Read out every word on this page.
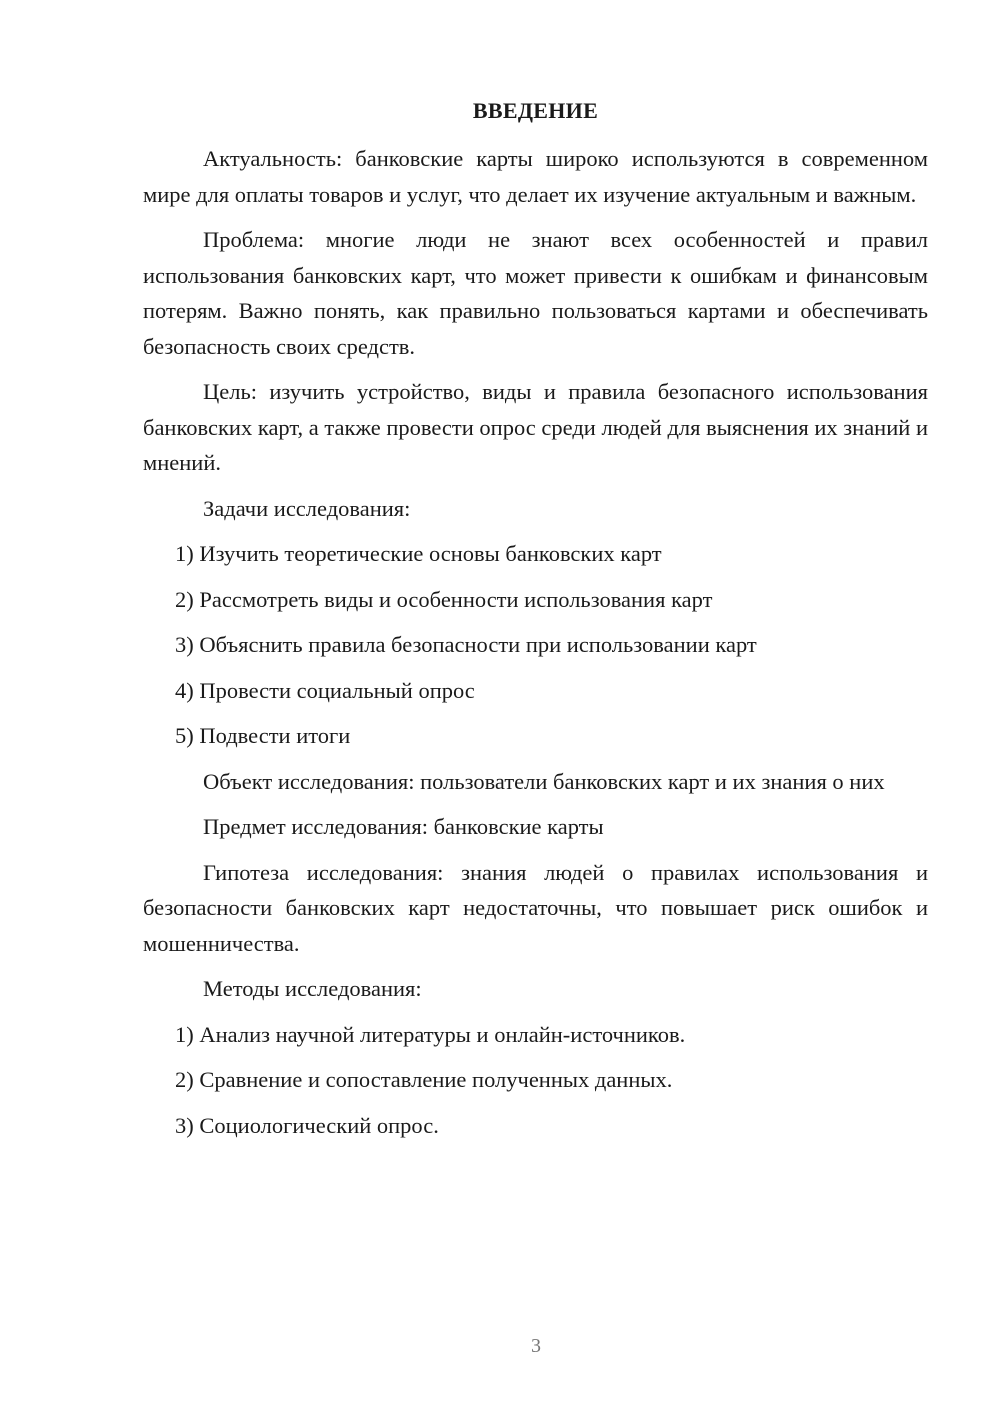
ВВЕДЕНИЕ

Актуальность: банковские карты широко используются в современном мире для оплаты товаров и услуг, что делает их изучение актуальным и важным.

Проблема: многие люди не знают всех особенностей и правил использования банковских карт, что может привести к ошибкам и финансовым потерям. Важно понять, как правильно пользоваться картами и обеспечивать безопасность своих средств.

Цель: изучить устройство, виды и правила безопасного использования банковских карт, а также провести опрос среди людей для выяснения их знаний и мнений.

Задачи исследования:

1) Изучить теоретические основы банковских карт
2) Рассмотреть виды и особенности использования карт
3) Объяснить правила безопасности при использовании карт
4) Провести социальный опрос
5) Подвести итоги

Объект исследования: пользователи банковских карт и их знания о них

Предмет исследования: банковские карты

Гипотеза исследования: знания людей о правилах использования и безопасности банковских карт недостаточны, что повышает риск ошибок и мошенничества.

Методы исследования:

1) Анализ научной литературы и онлайн-источников.
2) Сравнение и сопоставление полученных данных.
3) Социологический опрос.
3
